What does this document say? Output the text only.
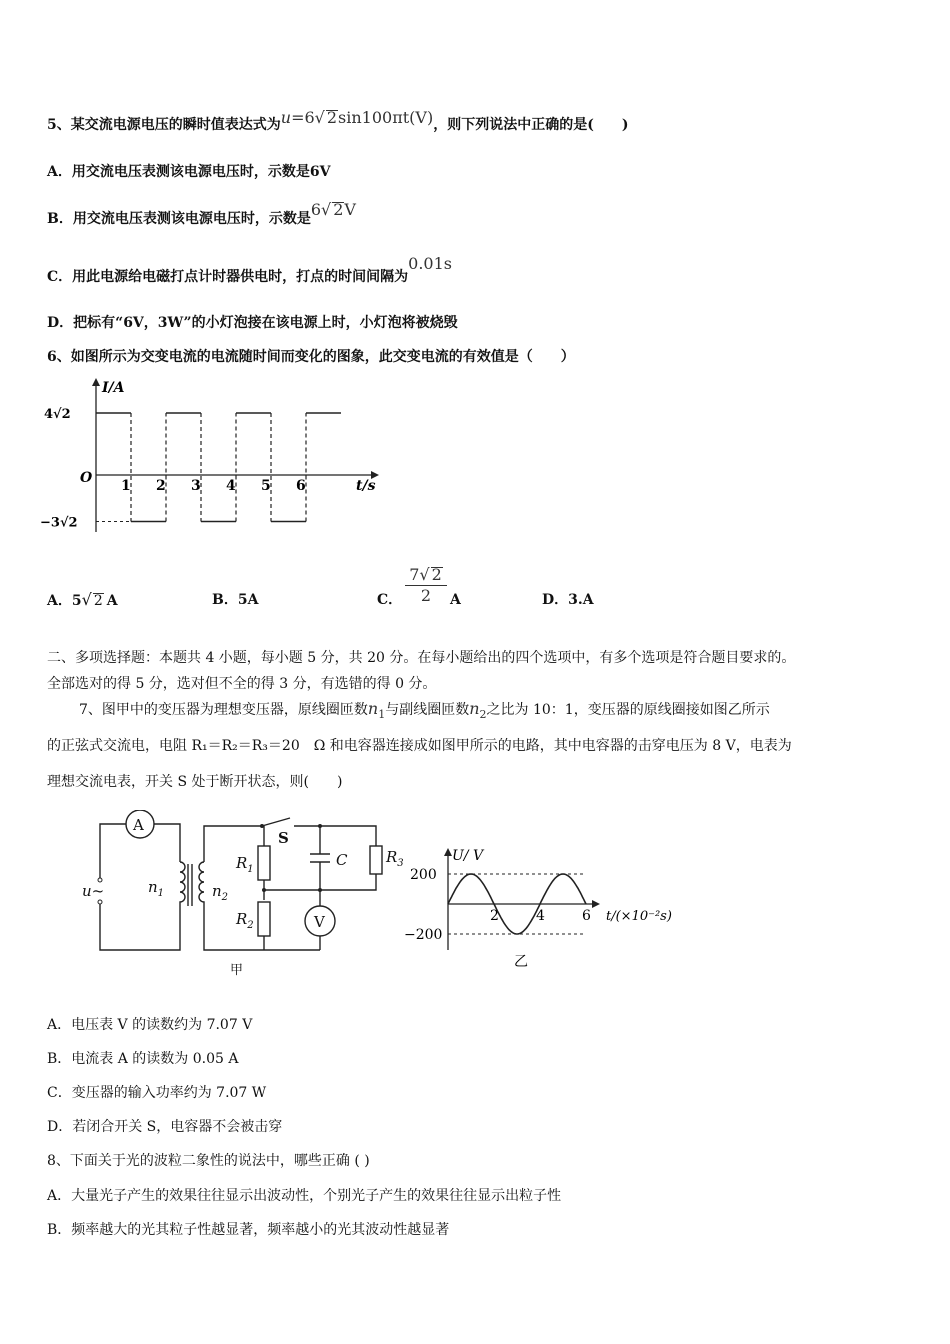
5、某交流电源电压的瞬时值表达式为u=6√ 2sin100πt(V)，则下列说法中正确的是(　　)
A．用交流电压表测该电源电压时，示数是6V
B．用交流电压表测该电源电压时，示数是6√ 2V
C．用此电源给电磁打点计时器供电时，打点的时间间隔为0.01s
D．把标有“6V，3W”的小灯泡接在该电源上时，小灯泡将被烧毁
6、如图所示为交变电流的电流随时间而变化的图象，此交变电流的有效值是（　　）
I/A
t/s
O
4√2
−3√2
1 2 3 4 5 6
A．5√ 2 A	B．5A	C． $\frac{7√ 2}{2}$ A	D．3.A
二、多项选择题：本题共 4 小题，每小题 5 分，共 20 分。在每小题给出的四个选项中，有多个选项是符合题目要求的。
全部选对的得 5 分，选对但不全的得 3 分，有选错的得 0 分。
7、图甲中的变压器为理想变压器，原线圈匝数$n_1$与副线圈匝数$n_2$之比为 10：1，变压器的原线圈接如图乙所示
的正弦式交流电，电阻 R₁＝R₂＝R₃＝20　Ω 和电容器连接成如图甲所示的电路，其中电容器的击穿电压为 8 V，电表为
理想交流电表，开关 S 处于断开状态，则(　　)
A
V
u~
S
C
$R_1$
$R_2$
$R_3$
$n_1$	$n_2$
甲
U/ V
200
−200
2	4	6 t/(×10⁻²s)
乙
A．电压表 V 的读数约为 7.07 V
B．电流表 A 的读数为 0.05 A
C．变压器的输入功率约为 7.07 W
D．若闭合开关 S，电容器不会被击穿
8、下面关于光的波粒二象性的说法中，哪些正确 ( )
A．大量光子产生的效果往往显示出波动性，个别光子产生的效果往往显示出粒子性
B．频率越大的光其粒子性越显著，频率越小的光其波动性越显著
